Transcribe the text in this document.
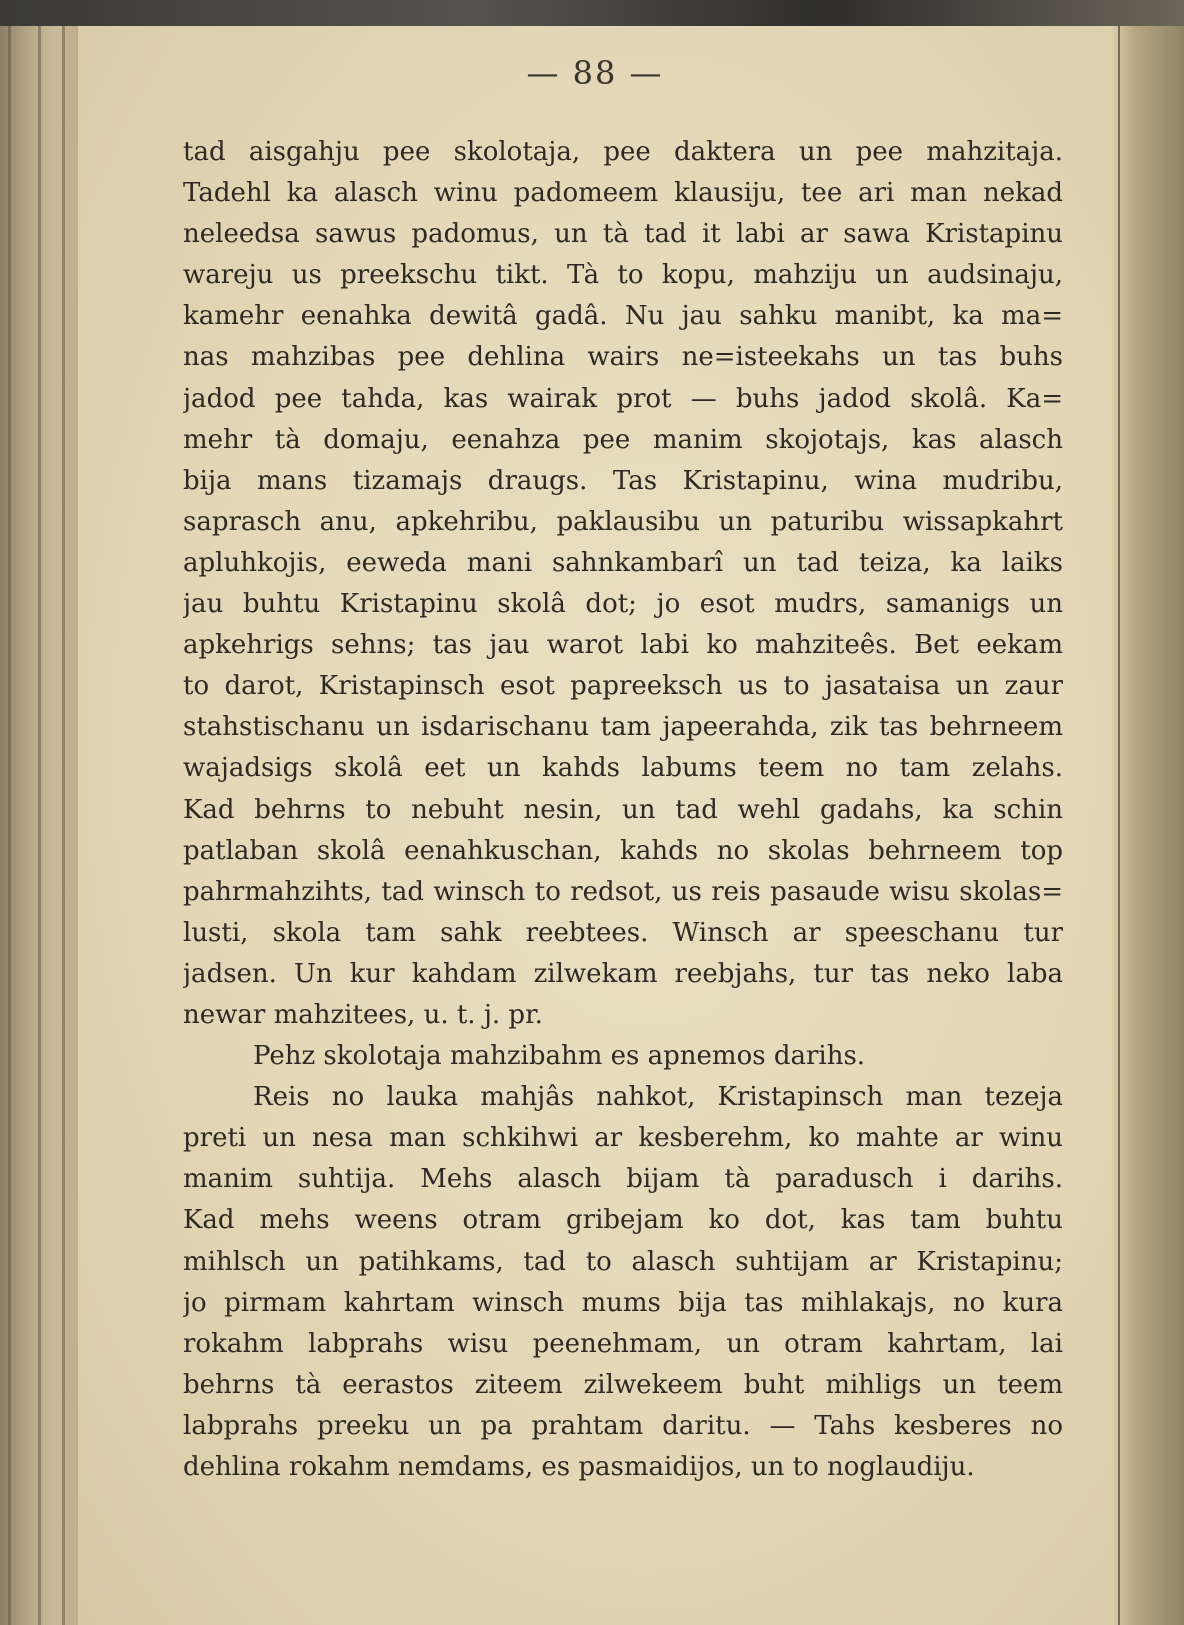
— 88 —
tad aisgahju pee skolotaja, pee daktera un pee mahzitaja.
Tadehl ka alasch winu padomeem klausiju, tee ari man nekad
neleedsa sawus padomus, un tà tad it labi ar sawa Kristapinu
wareju us preekschu tikt. Tà to kopu, mahziju un audsinaju,
kamehr eenahka dewitâ gadâ. Nu jau sahku manibt, ka ma=
nas mahzibas pee dehlina wairs ne=isteekahs un tas buhs
jadod pee tahda, kas wairak prot — buhs jadod skolâ. Ka=
mehr tà domaju, eenahza pee manim skojotajs, kas alasch
bija mans tizamajs draugs. Tas Kristapinu, wina mudribu,
saprasch anu, apkehribu, paklausibu un paturibu wissapkahrt
apluhkojis, eeweda mani sahnkambarî un tad teiza, ka laiks
jau buhtu Kristapinu skolâ dot; jo esot mudrs, samanigs un
apkehrigs sehns; tas jau warot labi ko mahziteês. Bet eekam
to darot, Kristapinsch esot papreeksch us to jasataisa un zaur
stahstischanu un isdarischanu tam japeerahda, zik tas behrneem
wajadsigs skolâ eet un kahds labums teem no tam zelahs.
Kad behrns to nebuht nesin, un tad wehl gadahs, ka schin
patlaban skolâ eenahkuschan, kahds no skolas behrneem top
pahrmahzihts, tad winsch to redsot, us reis pasaude wisu skolas=
lusti, skola tam sahk reebtees. Winsch ar speeschanu tur
jadsen. Un kur kahdam zilwekam reebjahs, tur tas neko laba
newar mahzitees, u. t. j. pr.
Pehz skolotaja mahzibahm es apnemos darihs.
Reis no lauka mahjâs nahkot, Kristapinsch man tezeja
preti un nesa man schkihwi ar kesberehm, ko mahte ar winu
manim suhtija. Mehs alasch bijam tà paradusch i darihs.
Kad mehs weens otram gribejam ko dot, kas tam buhtu
mihlsch un patihkams, tad to alasch suhtijam ar Kristapinu;
jo pirmam kahrtam winsch mums bija tas mihlakajs, no kura
rokahm labprahs wisu peenehmam, un otram kahrtam, lai
behrns tà eerastos ziteem zilwekeem buht mihligs un teem
labprahs preeku un pa prahtam daritu. — Tahs kesberes no
dehlina rokahm nemdams, es pasmaidijos, un to noglaudiju.
